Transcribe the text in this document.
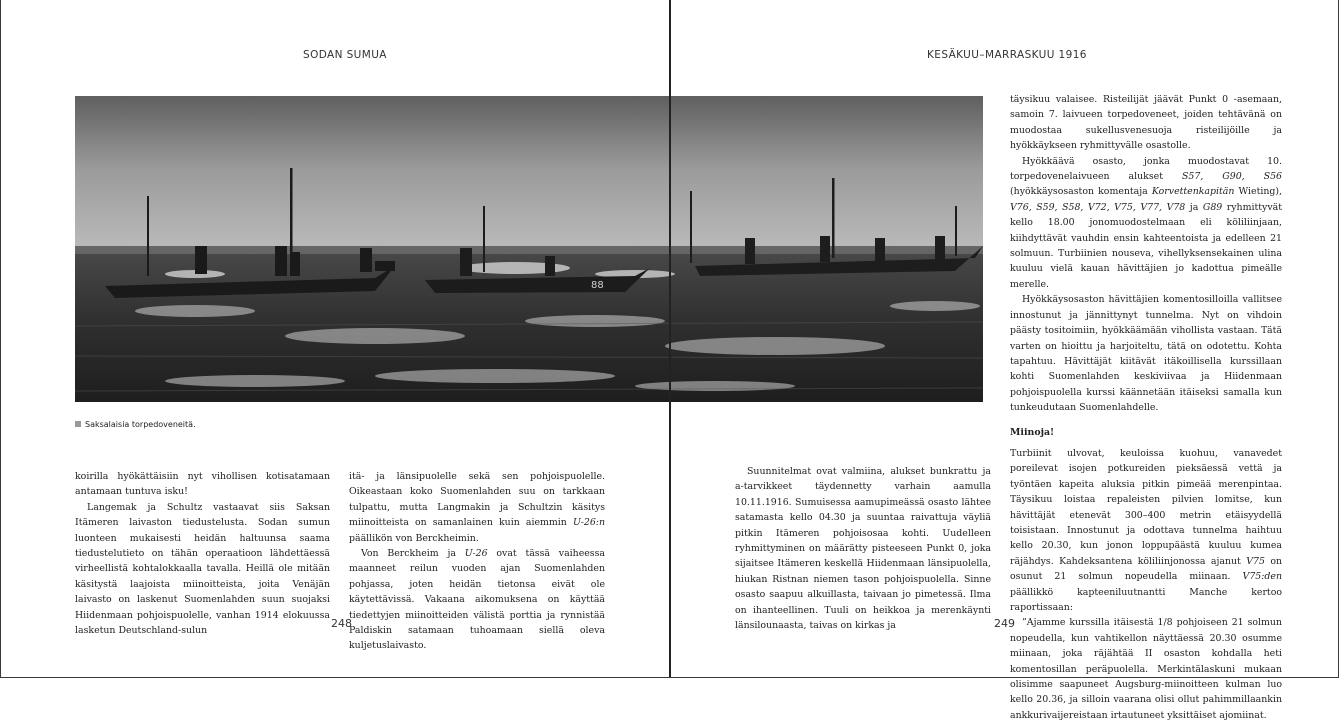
SODAN SUMUA
Saksalaisia torpedoveneitä.

koirilla hyökättäisiin nyt vihollisen kotisatamaan antamaan tuntuva isku!

Langemak ja Schultz vastaavat siis Saksan Itämeren laivaston tiedustelusta. Sodan sumun luonteen mukaisesti heidän haltuunsa saama tiedustelutieto on tähän operaatioon lähdettäessä virheellistä kohtalokkaalla tavalla. Heillä ole mitään käsitystä laajoista miinoitteista, joita Venäjän laivasto on laskenut Suomenlahden suun suojaksi Hiidenmaan pohjoispuolelle, vanhan 1914 elokuussa lasketun Deutschland-sulun

itä- ja länsipuolelle sekä sen pohjoispuolelle. Oikeastaan koko Suomenlahden suu on tarkkaan tulpattu, mutta Langmakin ja Schultzin käsitys miinoitteista on samanlainen kuin aiemmin U-26:n päällikön von Berckheimin.

Von Berckheim ja U-26 ovat tässä vaiheessa maanneet reilun vuoden ajan Suomenlahden pohjassa, joten heidän tietonsa eivät ole käytettävissä. Vakaana aikomuksena on käyttää tiedettyjen miinoitteiden välistä porttia ja rynnistää Paldiskin satamaan tuhoamaan siellä oleva kuljetuslaivasto.

248
KESÄKUU–MARRASKUU 1916

Suunnitelmat ovat valmiina, alukset bunkrattu ja a-tarvikkeet täydennetty varhain aamulla 10.11.1916. Sumuisessa aamupimeässä osasto lähtee satamasta kello 04.30 ja suuntaa raivattuja väyliä pitkin Itämeren pohjoisosaa kohti. Uudelleen ryhmittyminen on määrätty pisteeseen Punkt 0, joka sijaitsee Itämeren keskellä Hiidenmaan länsipuolella, hiukan Ristnan niemen tason pohjoispuolella. Sinne osasto saapuu alkuillasta, taivaan jo pimetessä. Ilma on ihanteellinen. Tuuli on heikkoa ja merenkäynti länsilounaasta, taivas on kirkas ja

täysikuu valaisee. Risteilijät jäävät Punkt 0 -asemaan, samoin 7. laivueen torpedoveneet, joiden tehtävänä on muodostaa sukellusvenesuoja risteilijöille ja hyökkäykseen ryhmittyvälle osastolle.

Hyökkäävä osasto, jonka muodostavat 10. torpedovenelaivueen alukset S57, G90, S56 (hyökkäysosaston komentaja Korvettenkapitän Wieting), V76, S59, S58, V72, V75, V77, V78 ja G89 ryhmittyvät kello 18.00 jonomuodostelmaan eli köliliinjaan, kiihdyttävät vauhdin ensin kahteentoista ja edelleen 21 solmuun. Turbiinien nouseva, vihellyksensekainen ulina kuuluu vielä kauan hävittäjien jo kadottua pimeälle merelle.

Hyökkäysosaston hävittäjien komentosilloilla vallitsee innostunut ja jännittynyt tunnelma. Nyt on vihdoin päästy tositoimiin, hyökkäämään vihollista vastaan. Tätä varten on hioittu ja harjoiteltu, tätä on odotettu. Kohta tapahtuu. Hävittäjät kiitävät itäkoillisella kurssillaan kohti Suomenlahden keskiviivaa ja Hiidenmaan pohjoispuolella kurssi käännetään itäiseksi samalla kun tunkeudutaan Suomenlahdelle.

Miinoja!

Turbiinit ulvovat, keuloissa kuohuu, vanavedet poreilevat isojen potkureiden pieksäessä vettä ja työntäen kapeita aluksia pitkin pimeää merenpintaa. Täysikuu loistaa repaleisten pilvien lomitse, kun hävittäjät etenevät 300–400 metrin etäisyydellä toisistaan. Innostunut ja odottava tunnelma haihtuu kello 20.30, kun jonon loppupäästä kuuluu kumea räjähdys. Kahdeksantena köliliinjonossa ajanut V75 on osunut 21 solmun nopeudella miinaan. V75:den päällikkö kapteeniluutnantti Manche kertoo raportissaan:

”Ajamme kurssilla itäisestä 1/8 pohjoiseen 21 solmun nopeudella, kun vahtikellon näyttäessä 20.30 osumme miinaan, joka räjähtää II osaston kohdalla heti komentosillan peräpuolella. Merkintälaskuni mukaan olisimme saapuneet Augsburg-miinoitteen kulman luo kello 20.36, ja silloin vaarana olisi ollut pahimmillaankin ankkurivaijereistaan irtautuneet yksittäiset ajomiinat.

249
88
